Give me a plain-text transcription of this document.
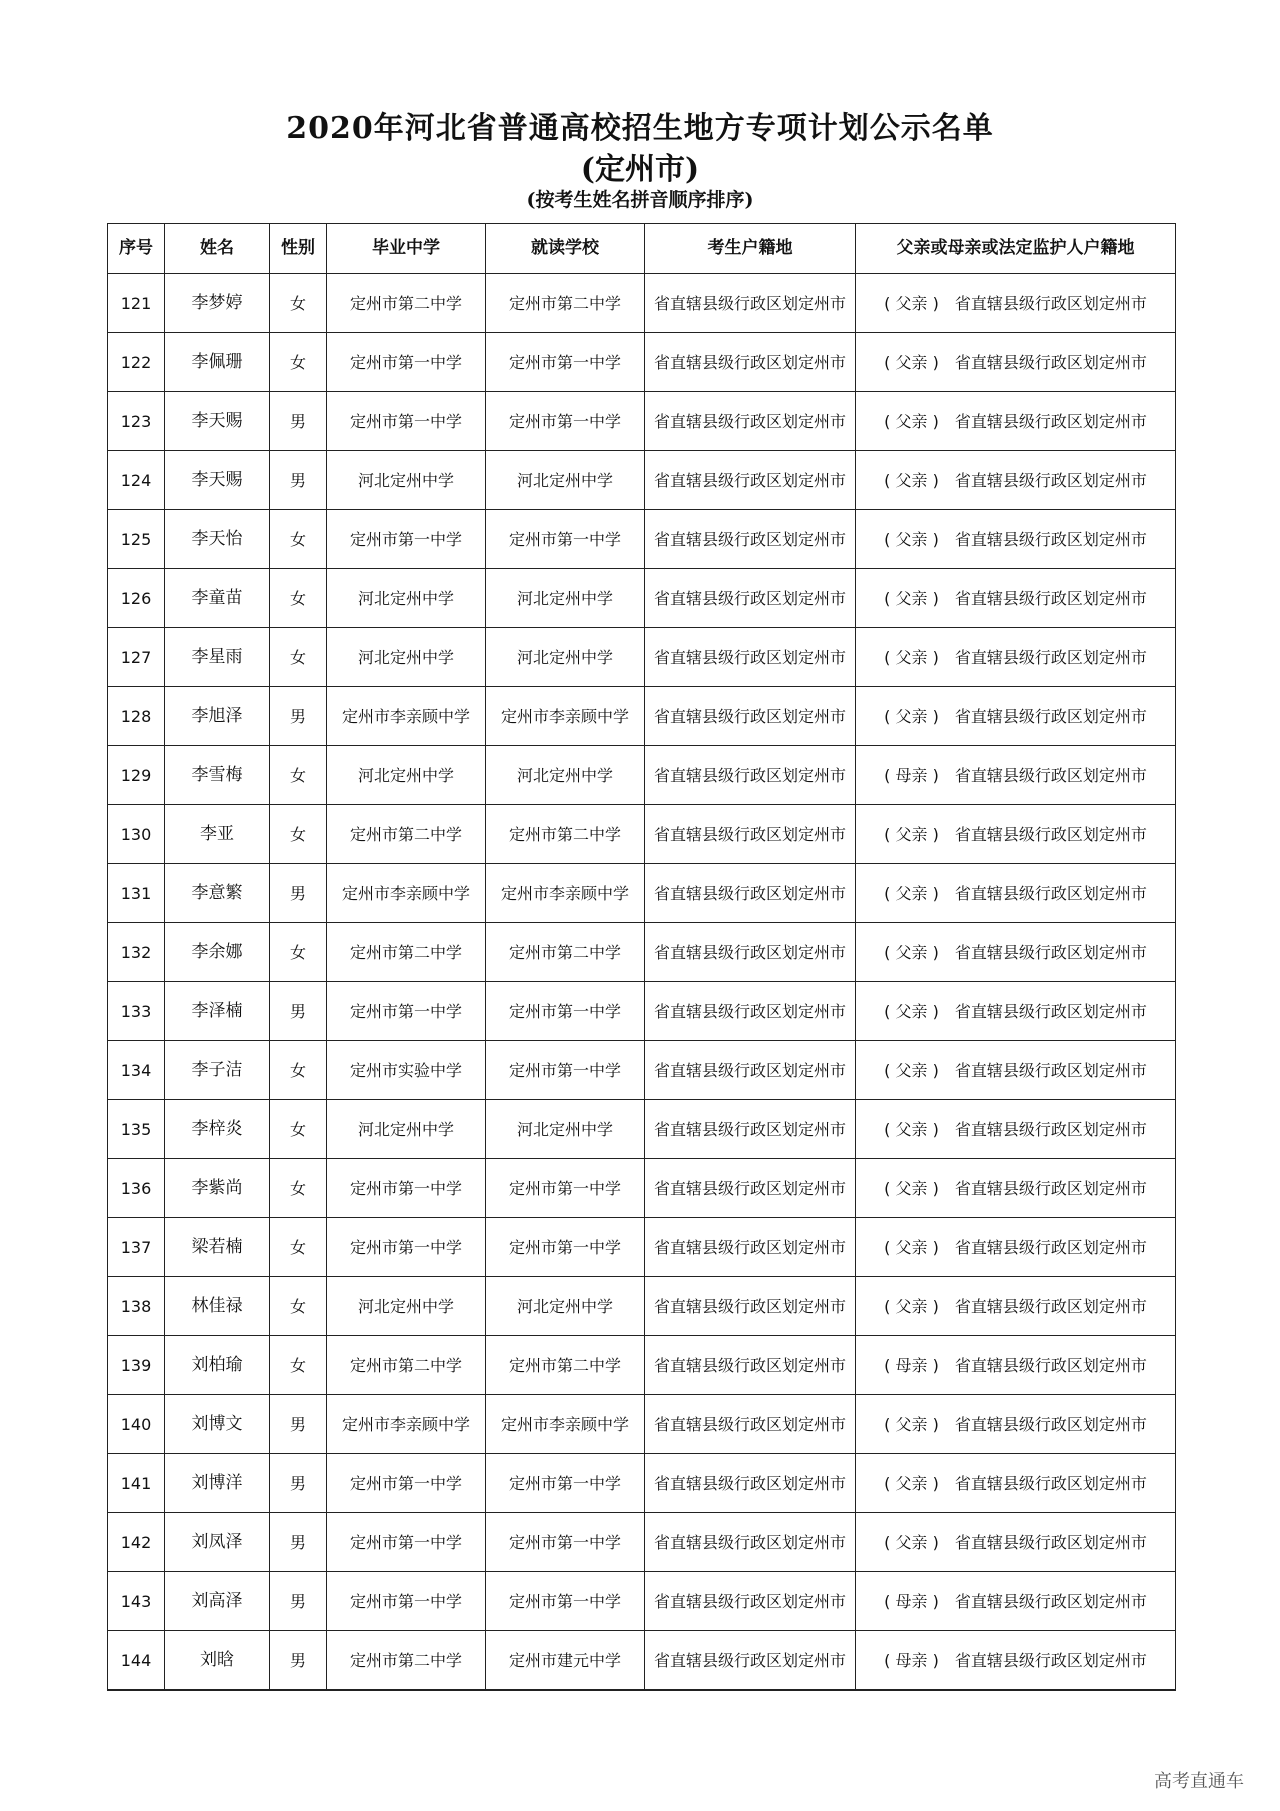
2020年河北省普通高校招生地方专项计划公示名单
(定州市)
(按考生姓名拼音顺序排序)
序号	姓名	性别	毕业中学	就读学校	考生户籍地	父亲或母亲或法定监护人户籍地
121	李梦婷	女	定州市第二中学	定州市第二中学	省直辖县级行政区划定州市	( 父亲 ) 省直辖县级行政区划定州市
122	李佩珊	女	定州市第一中学	定州市第一中学	省直辖县级行政区划定州市	( 父亲 ) 省直辖县级行政区划定州市
123	李天赐	男	定州市第一中学	定州市第一中学	省直辖县级行政区划定州市	( 父亲 ) 省直辖县级行政区划定州市
124	李天赐	男	河北定州中学	河北定州中学	省直辖县级行政区划定州市	( 父亲 ) 省直辖县级行政区划定州市
125	李天怡	女	定州市第一中学	定州市第一中学	省直辖县级行政区划定州市	( 父亲 ) 省直辖县级行政区划定州市
126	李童苗	女	河北定州中学	河北定州中学	省直辖县级行政区划定州市	( 父亲 ) 省直辖县级行政区划定州市
127	李星雨	女	河北定州中学	河北定州中学	省直辖县级行政区划定州市	( 父亲 ) 省直辖县级行政区划定州市
128	李旭泽	男	定州市李亲顾中学	定州市李亲顾中学	省直辖县级行政区划定州市	( 父亲 ) 省直辖县级行政区划定州市
129	李雪梅	女	河北定州中学	河北定州中学	省直辖县级行政区划定州市	( 母亲 ) 省直辖县级行政区划定州市
130	李亚	女	定州市第二中学	定州市第二中学	省直辖县级行政区划定州市	( 父亲 ) 省直辖县级行政区划定州市
131	李意繁	男	定州市李亲顾中学	定州市李亲顾中学	省直辖县级行政区划定州市	( 父亲 ) 省直辖县级行政区划定州市
132	李余娜	女	定州市第二中学	定州市第二中学	省直辖县级行政区划定州市	( 父亲 ) 省直辖县级行政区划定州市
133	李泽楠	男	定州市第一中学	定州市第一中学	省直辖县级行政区划定州市	( 父亲 ) 省直辖县级行政区划定州市
134	李子洁	女	定州市实验中学	定州市第一中学	省直辖县级行政区划定州市	( 父亲 ) 省直辖县级行政区划定州市
135	李梓炎	女	河北定州中学	河北定州中学	省直辖县级行政区划定州市	( 父亲 ) 省直辖县级行政区划定州市
136	李紫尚	女	定州市第一中学	定州市第一中学	省直辖县级行政区划定州市	( 父亲 ) 省直辖县级行政区划定州市
137	梁若楠	女	定州市第一中学	定州市第一中学	省直辖县级行政区划定州市	( 父亲 ) 省直辖县级行政区划定州市
138	林佳禄	女	河北定州中学	河北定州中学	省直辖县级行政区划定州市	( 父亲 ) 省直辖县级行政区划定州市
139	刘柏瑜	女	定州市第二中学	定州市第二中学	省直辖县级行政区划定州市	( 母亲 ) 省直辖县级行政区划定州市
140	刘博文	男	定州市李亲顾中学	定州市李亲顾中学	省直辖县级行政区划定州市	( 父亲 ) 省直辖县级行政区划定州市
141	刘博洋	男	定州市第一中学	定州市第一中学	省直辖县级行政区划定州市	( 父亲 ) 省直辖县级行政区划定州市
142	刘凤泽	男	定州市第一中学	定州市第一中学	省直辖县级行政区划定州市	( 父亲 ) 省直辖县级行政区划定州市
143	刘高泽	男	定州市第一中学	定州市第一中学	省直辖县级行政区划定州市	( 母亲 ) 省直辖县级行政区划定州市
144	刘晗	男	定州市第二中学	定州市建元中学	省直辖县级行政区划定州市	( 母亲 ) 省直辖县级行政区划定州市
高考直通车
